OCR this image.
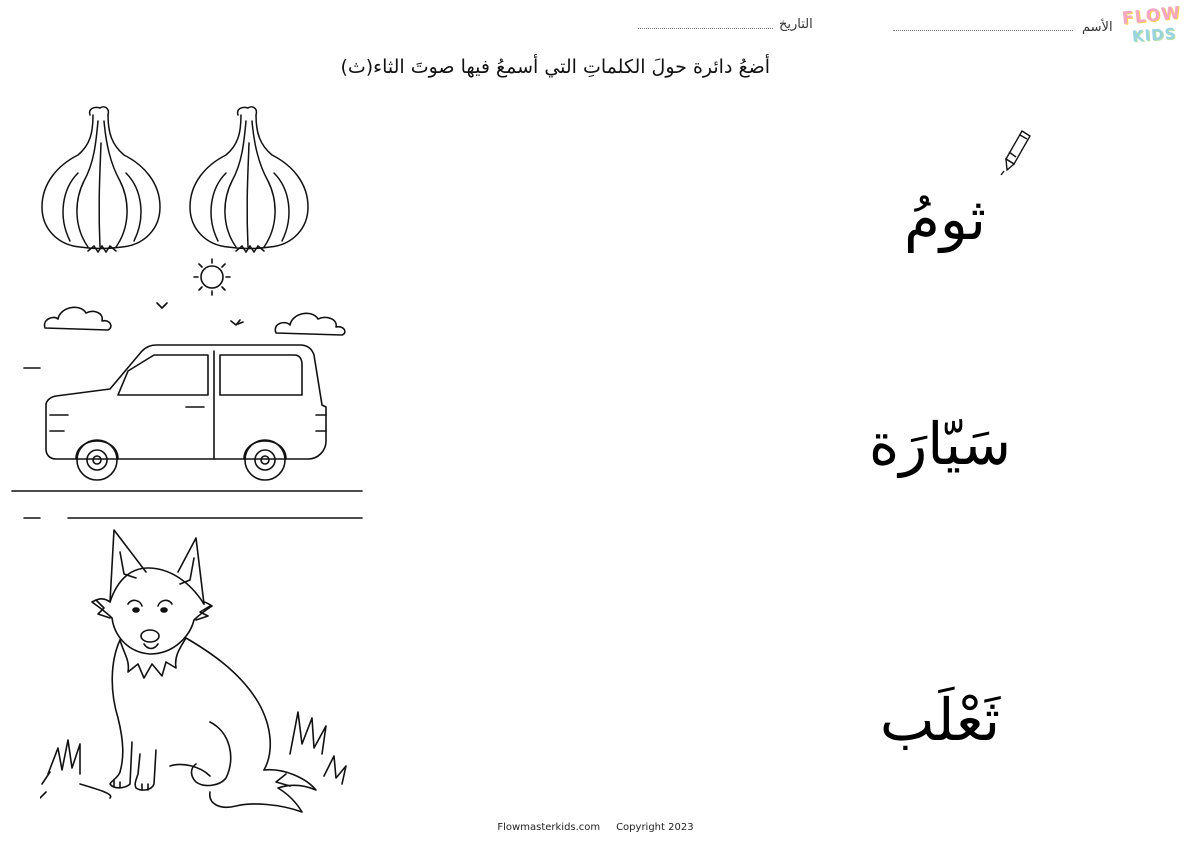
FLOW
KIDS
الأسم
التاريخ
أضعُ دائرة حولَ الكلماتِ التي أسمعُ فيها صوتَ الثاء(ث)
ثومُ
سَيّارَة
ثَعْلَب
Flowmasterkids.com Copyright 2023
